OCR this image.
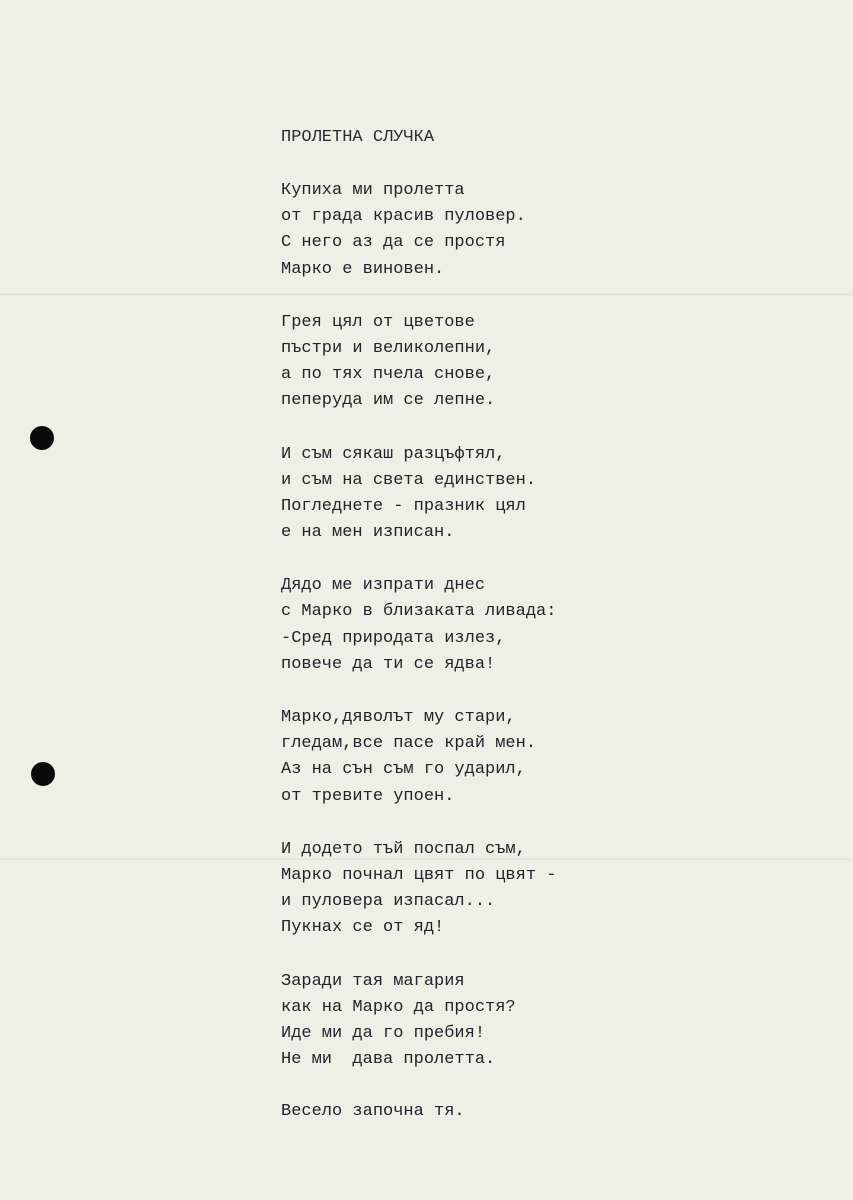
ПРОЛЕТНА СЛУЧКА
Купиха ми пролетта
от града красив пуловер.
С него аз да се простя
Марко е виновен.
Грея цял от цветове
пъстри и великолепни,
а по тях пчела снове,
пеперуда им се лепне.
И съм сякаш разцъфтял,
и съм на света единствен.
Погледнете - празник цял
е на мен изписан.
Дядо ме изпрати днес
с Марко в близаката ливада:
-Сред природата излез,
повече да ти се ядва!
Марко,дяволът му стари,
гледам,все пасе край мен.
Аз на сън съм го ударил,
от тревите упоен.
И додето тъй поспал съм,
Марко почнал цвят по цвят -
и пуловера изпасал...
Пукнах се от яд!
Заради тая магария
как на Марко да простя?
Иде ми да го пребия!
Не ми  дава пролетта.

Весело започна тя.
